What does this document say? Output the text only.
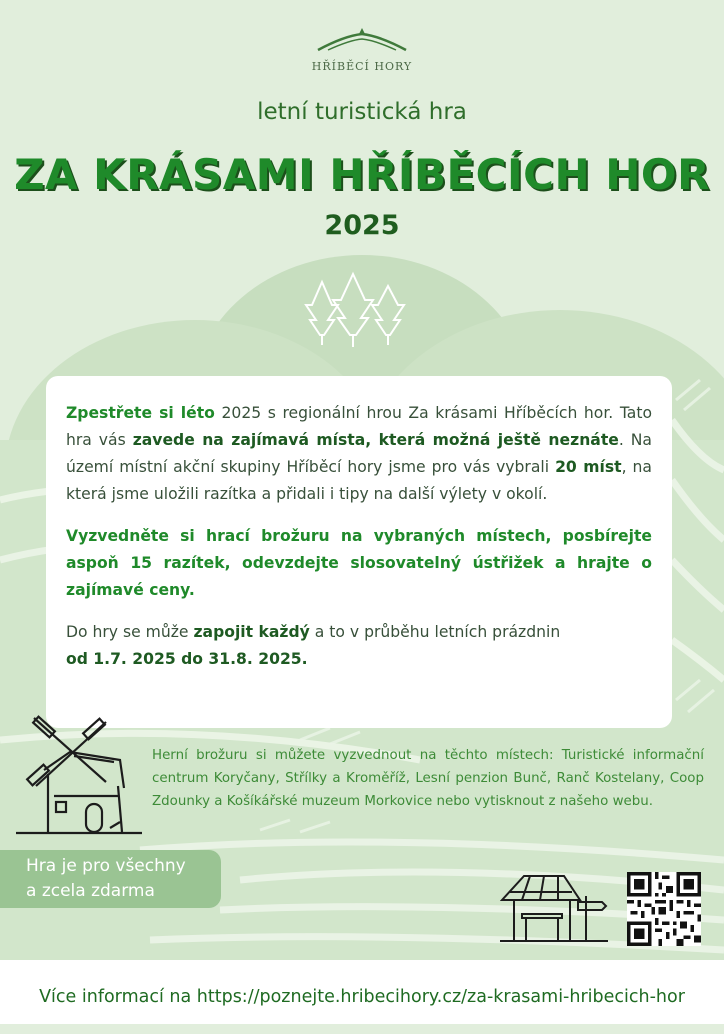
HŘÍBĚCÍ HORY
letní turistická hra
ZA KRÁSAMI HŘÍBĚCÍCH HOR
2025

Zpestřete si léto 2025 s regionální hrou Za krásami Hříběcích hor. Tato hra vás zavede na zajímavá místa, která možná ještě neznáte. Na území místní akční skupiny Hříběcí hory jsme pro vás vybrali 20 míst, na která jsme uložili razítka a přidali i tipy na další výlety v okolí.

Vyzvedněte si hrací brožuru na vybraných místech, posbírejte aspoň 15 razítek, odevzdejte slosovatelný ústřižek a hrajte o zajímavé ceny.

Do hry se může zapojit každý a to v průběhu letních prázdnin
od 1.7. 2025 do 31.8. 2025.

Herní brožuru si můžete vyzvednout na těchto místech: Turistické informační centrum Koryčany, Střílky a Kroměříž, Lesní penzion Bunč, Ranč Kostelany, Coop Zdounky a Košíkářské muzeum Morkovice nebo vytisknout z našeho webu.
Hra je pro všechny
a zcela zdarma
Více informací na https://poznejte.hribecihory.cz/za-krasami-hribecich-hor
